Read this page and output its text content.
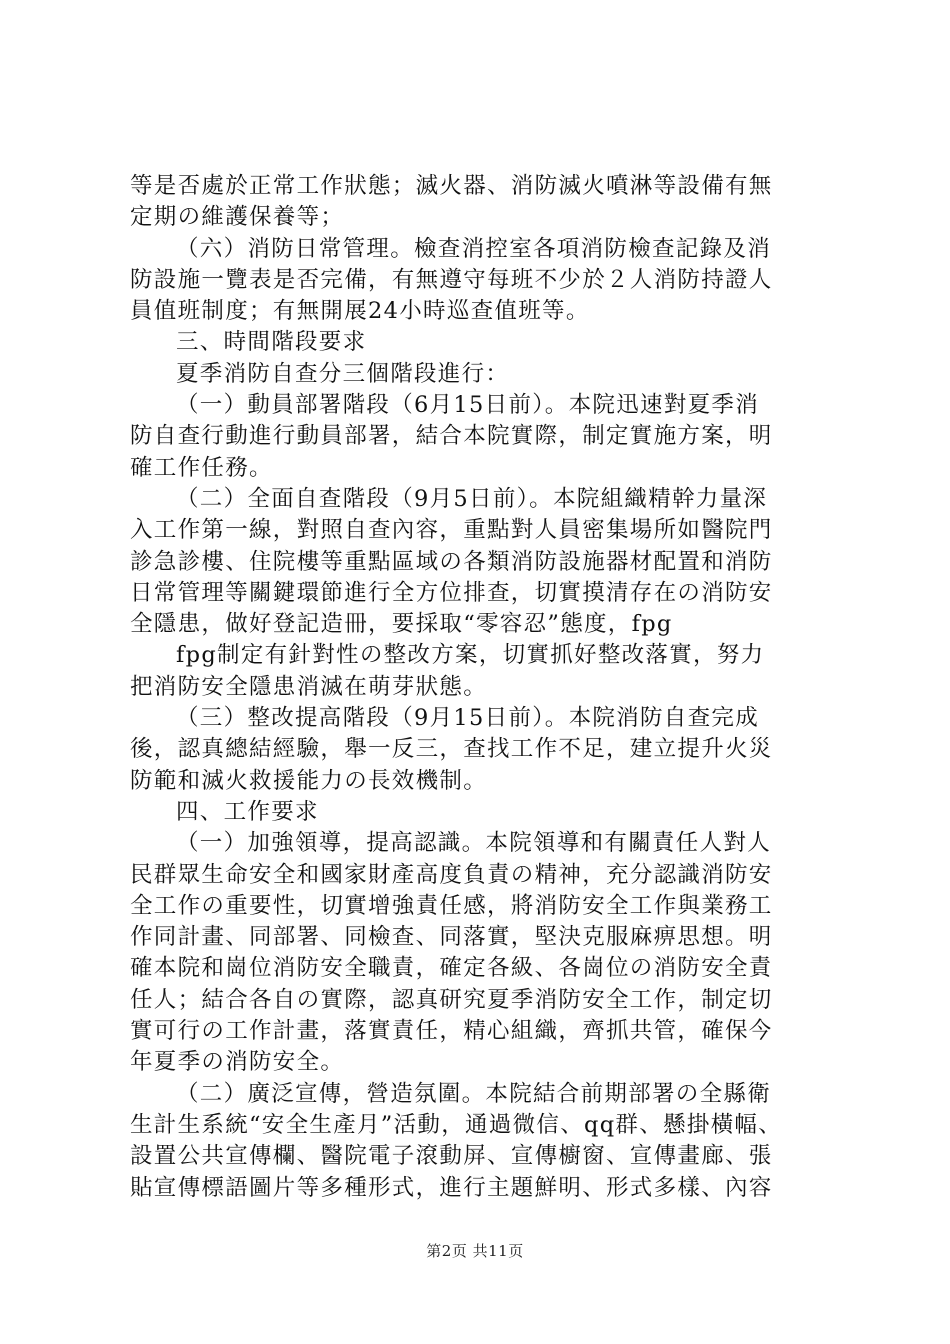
等是否處於正常工作狀態；滅火器、消防滅火噴淋等設備有無
定期の維護保養等；
（六）消防日常管理。檢查消控室各項消防檢查記錄及消
防設施一覽表是否完備，有無遵守每班不少於２人消防持證人
員值班制度；有無開展24小時巡查值班等。
三、時間階段要求
夏季消防自查分三個階段進行：
（一）動員部署階段（6月15日前）。本院迅速對夏季消
防自查行動進行動員部署，結合本院實際，制定實施方案，明
確工作任務。
（二）全面自查階段（9月5日前）。本院組織精幹力量深
入工作第一線，對照自查內容，重點對人員密集場所如醫院門
診急診樓、住院樓等重點區域の各類消防設施器材配置和消防
日常管理等關鍵環節進行全方位排查，切實摸清存在の消防安
全隱患，做好登記造冊，要採取“零容忍”態度，fpg
fpg制定有針對性の整改方案，切實抓好整改落實，努力
把消防安全隱患消滅在萌芽狀態。
（三）整改提高階段（9月15日前）。本院消防自查完成
後，認真總結經驗，舉一反三，查找工作不足，建立提升火災
防範和滅火救援能力の長效機制。
四、工作要求
（一）加強領導，提高認識。本院領導和有關責任人對人
民群眾生命安全和國家財產高度負責の精神，充分認識消防安
全工作の重要性，切實增強責任感，將消防安全工作與業務工
作同計畫、同部署、同檢查、同落實，堅決克服麻痹思想。明
確本院和崗位消防安全職責，確定各級、各崗位の消防安全責
任人；結合各自の實際，認真研究夏季消防安全工作，制定切
實可行の工作計畫，落實責任，精心組織，齊抓共管，確保今
年夏季の消防安全。
（二）廣泛宣傳，營造氛圍。本院結合前期部署の全縣衛
生計生系統“安全生產月”活動，通過微信、qq群、懸掛橫幅、
設置公共宣傳欄、醫院電子滾動屏、宣傳櫥窗、宣傳畫廊、張
貼宣傳標語圖片等多種形式，進行主題鮮明、形式多樣、內容
第2页 共11页
